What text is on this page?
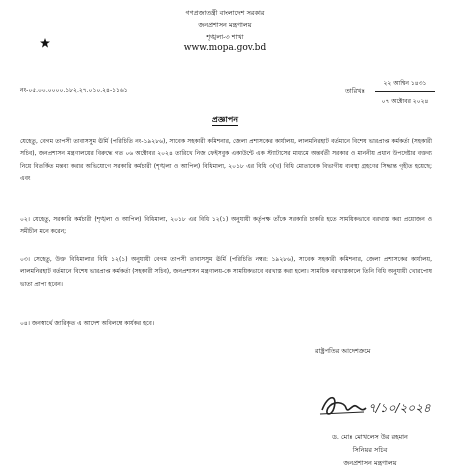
গণপ্রজাতন্ত্রী বাংলাদেশ সরকার
জনপ্রশাসন মন্ত্রণালয়
শৃঙ্খলা-৩ শাখা
www.mopa.gov.bd
নং-০৫.০০.০০০০.১৮২.২৭.০১০.২৪-১১৬১	তারিখঃ
২২ আশ্বিন ১৪৩১
০৭ অক্টোবর ২০২৪
প্রজ্ঞাপন
যেহেতু, বেগম তাপসী তাবাসসুম ঊর্মি (পরিচিতি নং-১৯২৮৬), সাবেক সহকারী কমিশনার, জেলা প্রশাসকের কার্যালয়, লালমনিরহাট বর্তমানে বিশেষ ভারপ্রাপ্ত কর্মকর্তা (সহকারী সচিব), জনপ্রশাসন মন্ত্রণালয়ের বিরুদ্ধে গত ০৬ অক্টোবর ২০২৪ তারিখে নিজ ফেইসবুক একাউন্টে এক স্ট্যাটাসের মাধ্যমে অন্তর্বর্তী সরকার ও মাননীয় প্রধান উপদেষ্টার বক্তব্য নিয়ে বিতর্কিত মন্তব্য করার অভিযোগে সরকারি কর্মচারী (শৃঙ্খলা ও আপিল) বিধিমালা, ২০১৮ এর বিধি ৩(খ) বিধি মোতাবেক বিভাগীয় ব্যবস্থা গ্রহণের সিদ্ধান্ত গৃহীত হয়েছে; এবং
০২। যেহেতু, সরকারি কর্মচারী (শৃঙ্খলা ও আপিল) বিধিমালা, ২০১৮ এর বিধি ১২(১) অনুযায়ী কর্তৃপক্ষ তাঁকে সরকারি চাকরি হতে সাময়িকভাবে বরখাস্ত করা প্রয়োজন ও সমীচীন মনে করেন;
০৩। সেহেতু, উক্ত বিধিমালার বিধি ১২(১) অনুযায়ী বেগম তাপসী তাবাসসুম ঊর্মি (পরিচিতি নম্বর: ১৯২৮৬), সাবেক সহকারী কমিশনার, জেলা প্রশাসকের কার্যালয়, লালমনিরহাট বর্তমানে বিশেষ ভারপ্রাপ্ত কর্মকর্তা (সহকারী সচিব), জনপ্রশাসন মন্ত্রণালয়-কে সাময়িকভাবে বরখাস্ত করা হলো। সাময়িক বরখাস্তকালে তিনি বিধি অনুযায়ী খোরপোষ ভাতা প্রাপ্য হবেন।
০৪। জনস্বার্থে জারিকৃত এ আদেশ অবিলম্বে কার্যকর হবে।
রাষ্ট্রপতির আদেশক্রমে
৭/১০/২০২৪
ড. মোঃ মোখলেস উর রহমান
সিনিয়র সচিব
জনপ্রশাসন মন্ত্রণালয়
